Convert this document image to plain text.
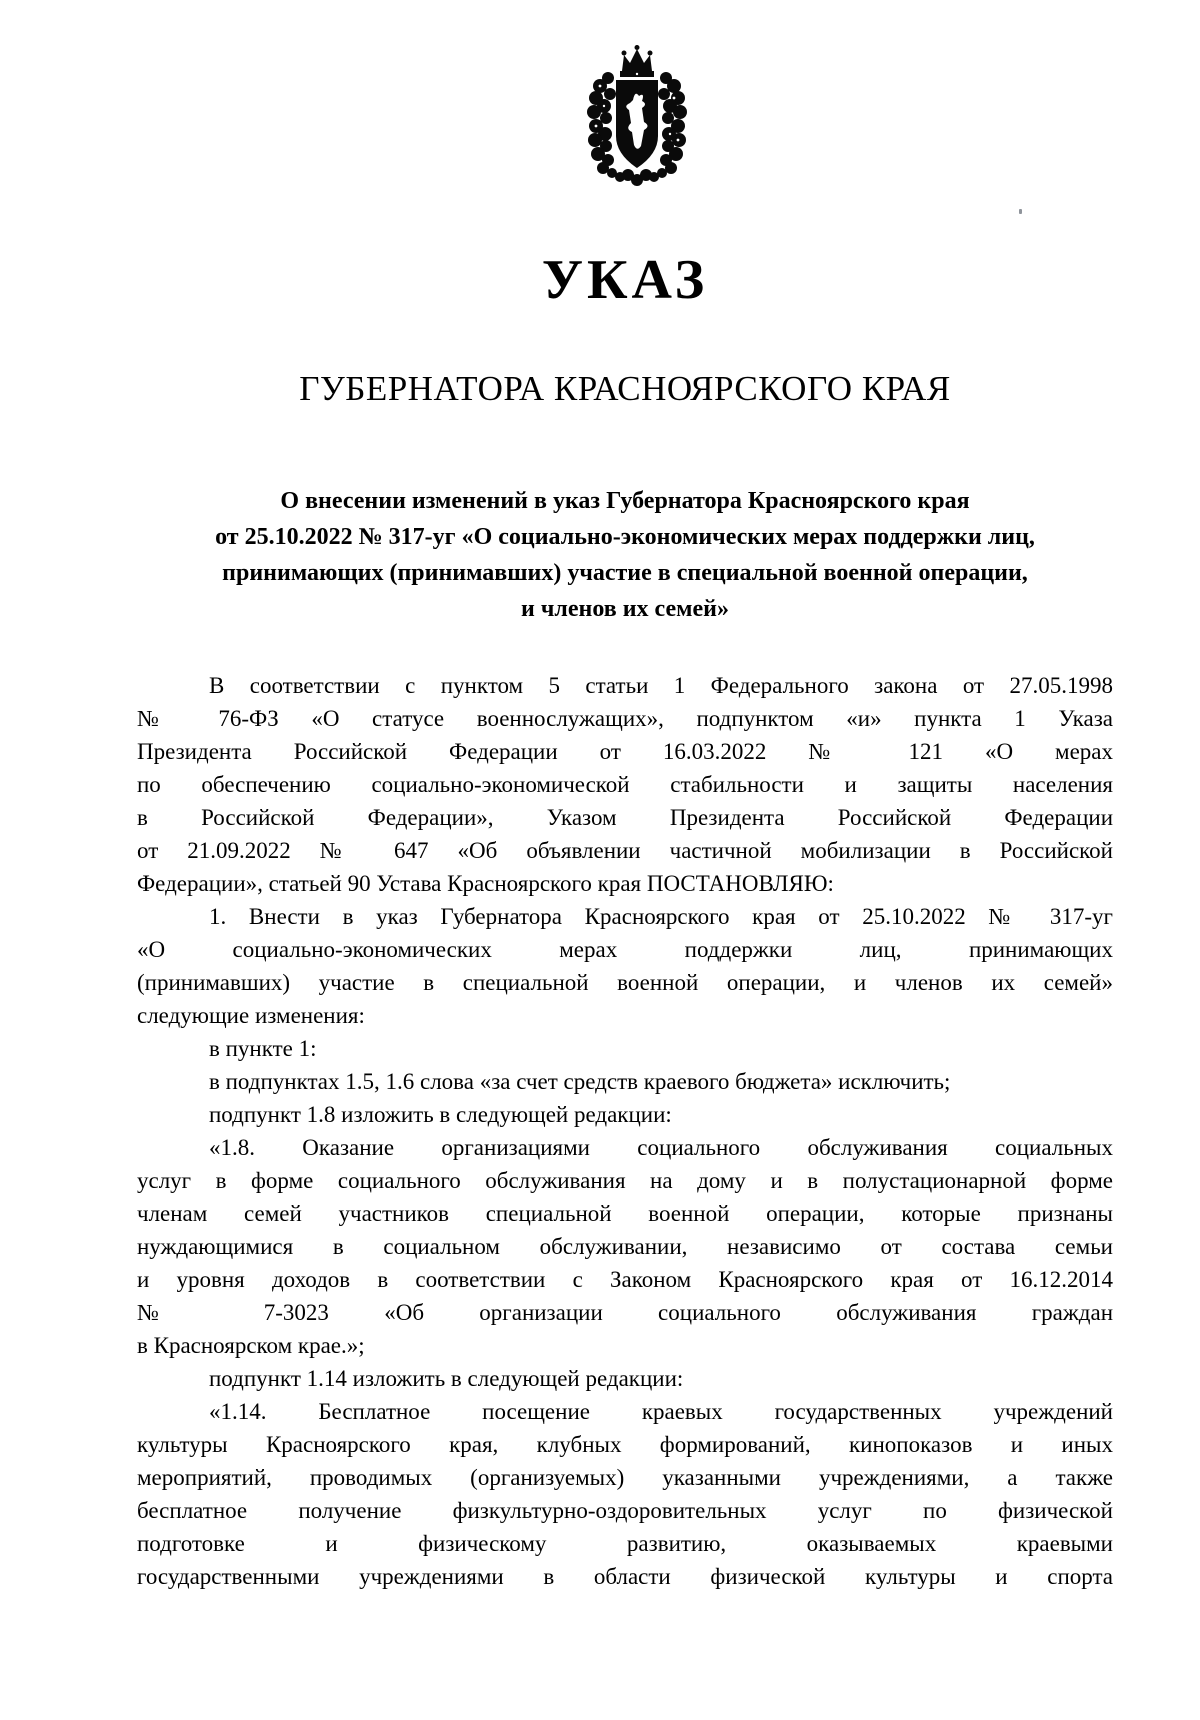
УКАЗ
ГУБЕРНАТОРА КРАСНОЯРСКОГО КРАЯ
О внесении изменений в указ Губернатора Красноярского края
от 25.10.2022 № 317-уг «О социально-экономических мерах поддержки лиц,
принимающих (принимавших) участие в специальной военной операции,
и членов их семей»
В соответствии с пунктом 5 статьи 1 Федерального закона от 27.05.1998
№ 76-ФЗ «О статусе военнослужащих», подпунктом «и» пункта 1 Указа
Президента Российской Федерации от 16.03.2022 № 121 «О мерах
по обеспечению социально-экономической стабильности и защиты населения
в Российской Федерации», Указом Президента Российской Федерации
от 21.09.2022 № 647 «Об объявлении частичной мобилизации в Российской
Федерации», статьей 90 Устава Красноярского края ПОСТАНОВЛЯЮ:
1. Внести в указ Губернатора Красноярского края от 25.10.2022 № 317-уг
«О социально-экономических мерах поддержки лиц, принимающих
(принимавших) участие в специальной военной операции, и членов их семей»
следующие изменения:
в пункте 1:
в подпунктах 1.5, 1.6 слова «за счет средств краевого бюджета» исключить;
подпункт 1.8 изложить в следующей редакции:
«1.8. Оказание организациями социального обслуживания социальных
услуг в форме социального обслуживания на дому и в полустационарной форме
членам семей участников специальной военной операции, которые признаны
нуждающимися в социальном обслуживании, независимо от состава семьи
и уровня доходов в соответствии с Законом Красноярского края от 16.12.2014
№ 7-3023 «Об организации социального обслуживания граждан
в Красноярском крае.»;
подпункт 1.14 изложить в следующей редакции:
«1.14. Бесплатное посещение краевых государственных учреждений
культуры Красноярского края, клубных формирований, кинопоказов и иных
мероприятий, проводимых (организуемых) указанными учреждениями, а также
бесплатное получение физкультурно-оздоровительных услуг по физической
подготовке и физическому развитию, оказываемых краевыми
государственными учреждениями в области физической культуры и спорта
